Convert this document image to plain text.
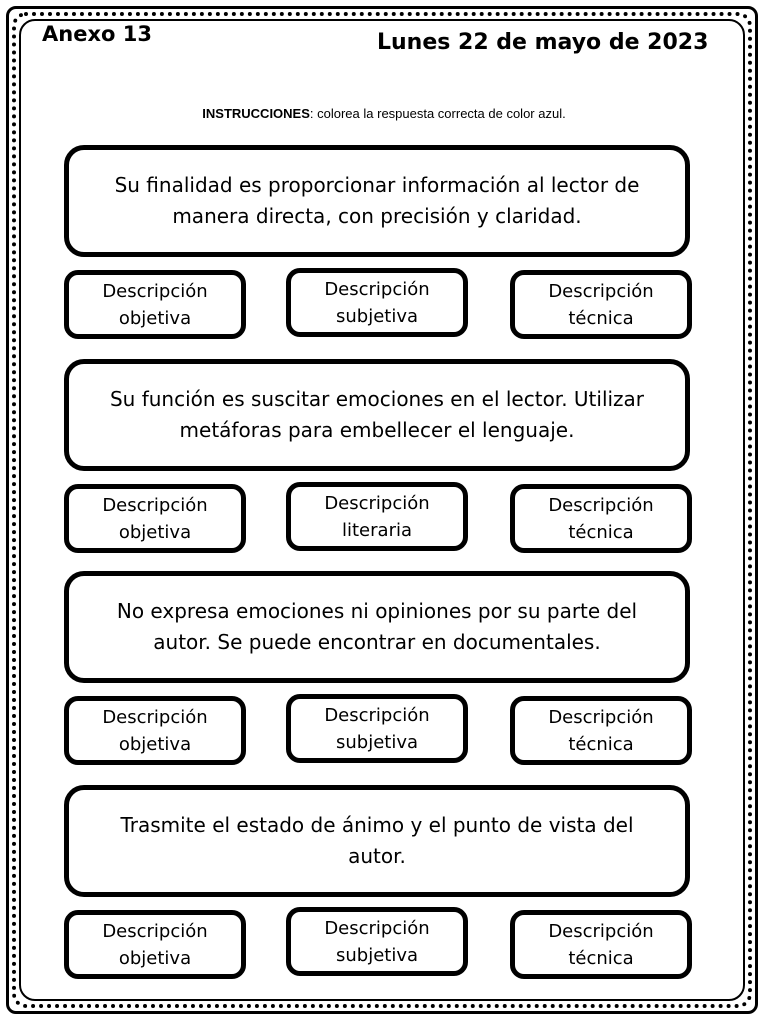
Anexo 13	Lunes 22 de mayo de 2023
INSTRUCCIONES: colorea la respuesta correcta de color azul.
Su finalidad es proporcionar información al lector de manera directa, con precisión y claridad.
Descripción objetiva
Descripción subjetiva
Descripción técnica
Su función es suscitar emociones en el lector. Utilizar metáforas para embellecer el lenguaje.
Descripción objetiva
Descripción literaria
Descripción técnica
No expresa emociones ni opiniones por su parte del autor. Se puede encontrar en documentales.
Descripción objetiva
Descripción subjetiva
Descripción técnica
Trasmite el estado de ánimo y el punto de vista del autor.
Descripción objetiva
Descripción subjetiva
Descripción técnica
